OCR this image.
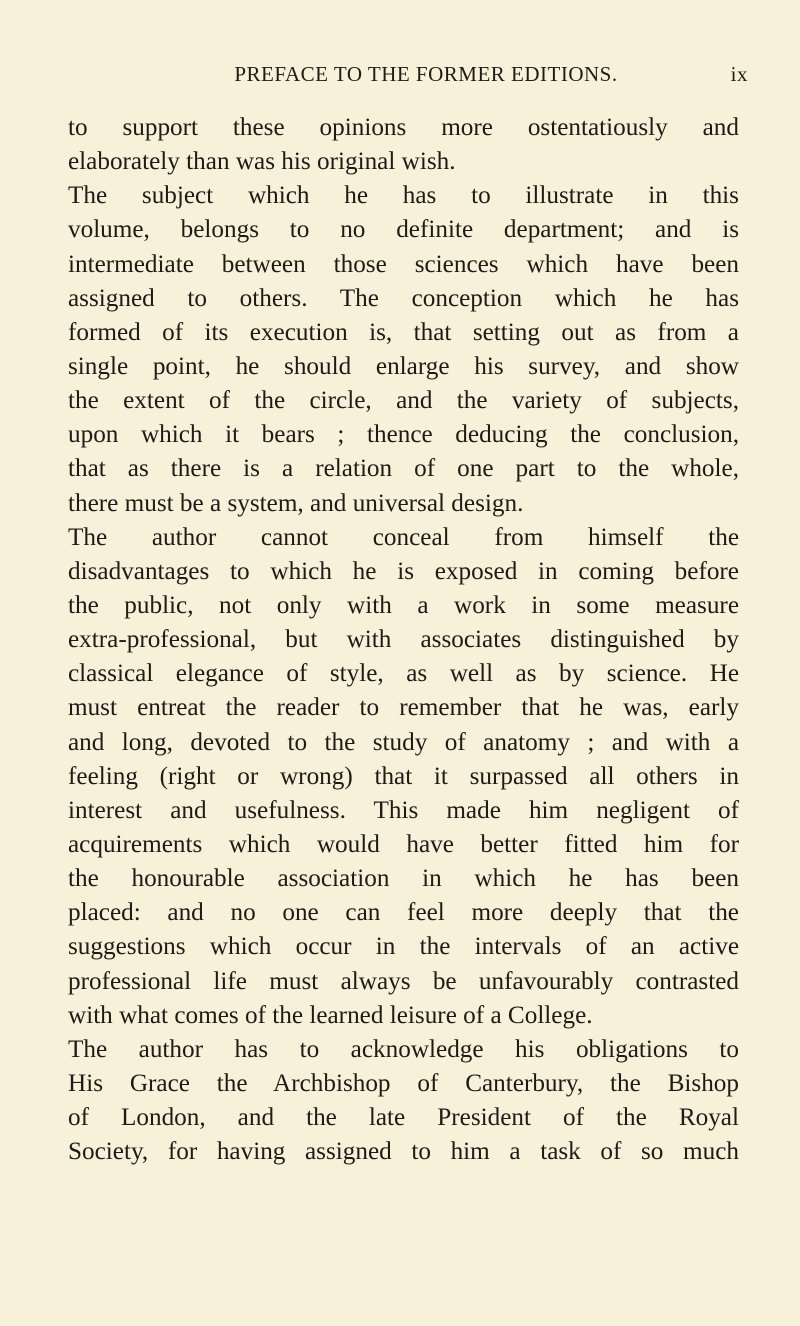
PREFACE TO THE FORMER EDITIONS.	ix
to support these opinions more ostentatiously and
elaborately than was his original wish.
The subject which he has to illustrate in this
volume, belongs to no definite department; and is
intermediate between those sciences which have been
assigned to others. The conception which he has
formed of its execution is, that setting out as from a
single point, he should enlarge his survey, and show
the extent of the circle, and the variety of subjects,
upon which it bears ; thence deducing the conclusion,
that as there is a relation of one part to the whole,
there must be a system, and universal design.
The author cannot conceal from himself the
disadvantages to which he is exposed in coming before
the public, not only with a work in some measure
extra-professional, but with associates distinguished by
classical elegance of style, as well as by science. He
must entreat the reader to remember that he was, early
and long, devoted to the study of anatomy ; and with a
feeling (right or wrong) that it surpassed all others in
interest and usefulness. This made him negligent of
acquirements which would have better fitted him for
the honourable association in which he has been
placed: and no one can feel more deeply that the
suggestions which occur in the intervals of an active
professional life must always be unfavourably contrasted
with what comes of the learned leisure of a College.
The author has to acknowledge his obligations to
His Grace the Archbishop of Canterbury, the Bishop
of London, and the late President of the Royal
Society, for having assigned to him a task of so much
